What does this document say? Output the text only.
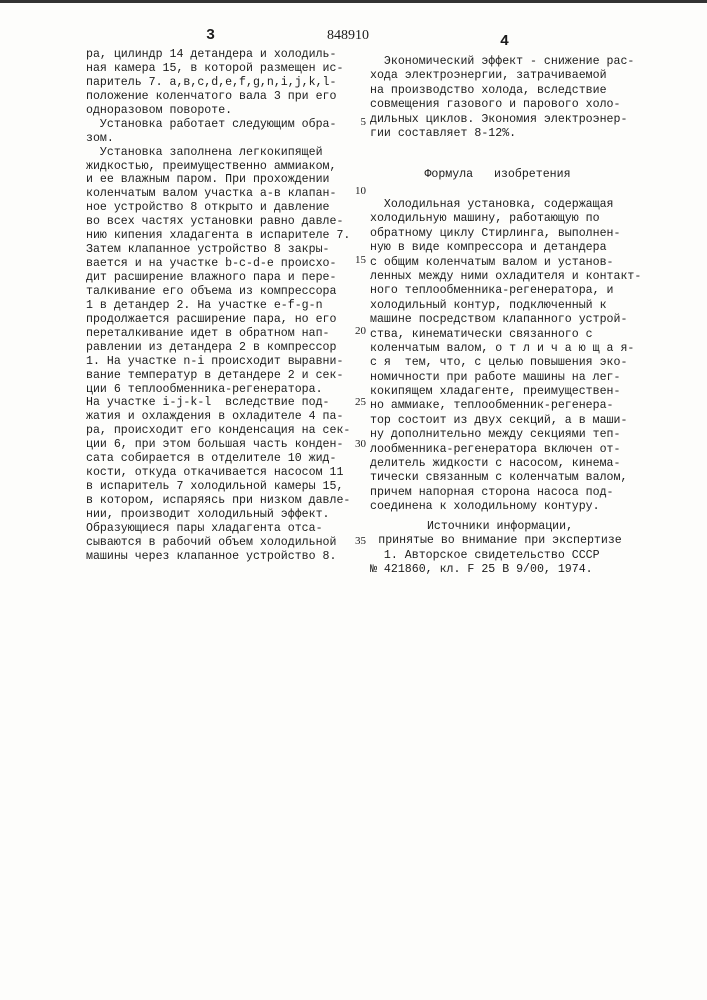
3	848910	4
ра, цилиндр 14 детандера и холодиль-
ная камера 15, в которой размещен ис-
паритель 7. a,в,c,d,e,f,g,n,i,j,k,l-
положение коленчатого вала 3 при его
одноразовом повороте.
Установка работает следующим обра-
зом.
Установка заполнена легкокипящей
жидкостью, преимущественно аммиаком,
и ее влажным паром. При прохождении
коленчатым валом участка a-в клапан-
ное устройство 8 открыто и давление
во всех частях установки равно давле-
нию кипения хладагента в испарителе 7.
Затем клапанное устройство 8 закры-
вается и на участке b-c-d-e происхо-
дит расширение влажного пара и пере-
талкивание его объема из компрессора
1 в детандер 2. На участке e-f-g-n
продолжается расширение пара, но его
переталкивание идет в обратном нап-
равлении из детандера 2 в компрессор
1. На участке n-i происходит выравни-
вание температур в детандере 2 и сек-
ции 6 теплообменника-регенератора.
На участке i-j-k-l  вследствие под-
жатия и охлаждения в охладителе 4 па-
ра, происходит его конденсация на сек-
ции 6, при этом большая часть конден-
сата собирается в отделителе 10 жид-
кости, откуда откачивается насосом 11
в испаритель 7 холодильной камеры 15,
в котором, испаряясь при низком давле-
нии, производит холодильный эффект.
Образующиеся пары хладагента отса-
сываются в рабочий объем холодильной
машины через клапанное устройство 8.
5
10
15
20
25
30
35
Экономический эффект - снижение рас-
хода электроэнергии, затрачиваемой
на производство холода, вследствие
совмещения газового и парового холо-
дильных циклов. Экономия электроэнер-
гии составляет 8-12%.
Формула   изобретения
Холодильная установка, содержащая
холодильную машину, работающую по
обратному циклу Стирлинга, выполнен-
ную в виде компрессора и детандера
с общим коленчатым валом и установ-
ленных между ними охладителя и контакт-
ного теплообменника-регенератора, и
холодильный контур, подключенный к
машине посредством клапанного устрой-
ства, кинематически связанного с
коленчатым валом, о т л и ч а ю щ а я-
с я  тем, что, с целью повышения эко-
номичности при работе машины на лег-
кокипящем хладагенте, преимуществен-
но аммиаке, теплообменник-регенера-
тор состоит из двух секций, а в маши-
ну дополнительно между секциями теп-
лообменника-регенератора включен от-
делитель жидкости с насосом, кинема-
тически связанным с коленчатым валом,
причем напорная сторона насоса под-
соединена к холодильному контуру.
Источники информации,
принятые во внимание при экспертизе
1. Авторское свидетельство СССР
№ 421860, кл. F 25 B 9/00, 1974.
